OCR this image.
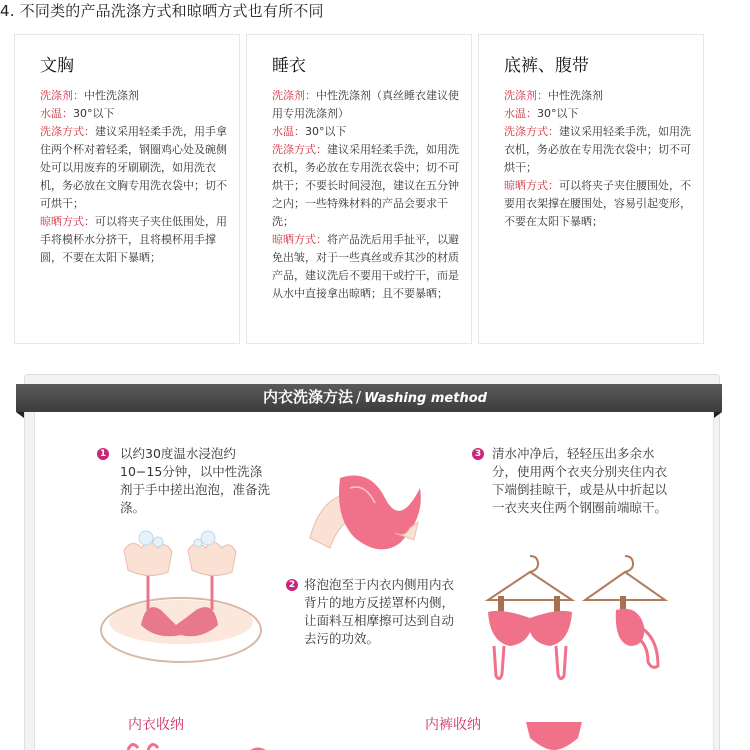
4. 不同类的产品洗涤方式和晾晒方式也有所不同
文胸

洗涤剂：中性洗涤剂

水温：30°以下

洗涤方式：建议采用轻柔手洗，用手拿住两个杯对着轻柔，钢圈鸡心处及碗侧处可以用废弃的牙刷刷洗，如用洗衣机，务必放在文胸专用洗衣袋中；切不可烘干；

晾晒方式：可以将夹子夹住低围处，用手将模杯水分挤干，且将模杯用手撑圆，不要在太阳下暴晒；

睡衣

洗涤剂：中性洗涤剂（真丝睡衣建议使用专用洗涤剂）

水温：30°以下

洗涤方式：建议采用轻柔手洗，如用洗衣机，务必放在专用洗衣袋中；切不可烘干；不要长时间浸泡，建议在五分钟之内；一些特殊材料的产品会要求干洗；

晾晒方式：将产品洗后用手扯平，以避免出皱，对于一些真丝或乔其沙的材质产品，建议洗后不要用干或拧干，而是从水中直接拿出晾晒；且不要暴晒；

底裤、腹带

洗涤剂：中性洗涤剂

水温：30°以下

洗涤方式：建议采用轻柔手洗，如用洗衣机，务必放在专用洗衣袋中；切不可烘干；

晾晒方式：可以将夹子夹住腰围处，不要用衣架撑在腰围处，容易引起变形，不要在太阳下暴晒；

内衣洗涤方法 / Washing method
1 以约30度温水浸泡约10−15分钟，以中性洗涤剂于手中搓出泡泡，准备洗涤。
2 将泡泡至于内衣内侧用内衣背片的地方反搓罩杯内侧，让面料互相摩擦可达到自动去污的功效。
3 清水冲净后，轻轻压出多余水分，使用两个衣夹分别夹住内衣下端倒挂晾干，或是从中折起以一衣夹夹住两个钢圈前端晾干。
内衣收纳	内裤收纳
